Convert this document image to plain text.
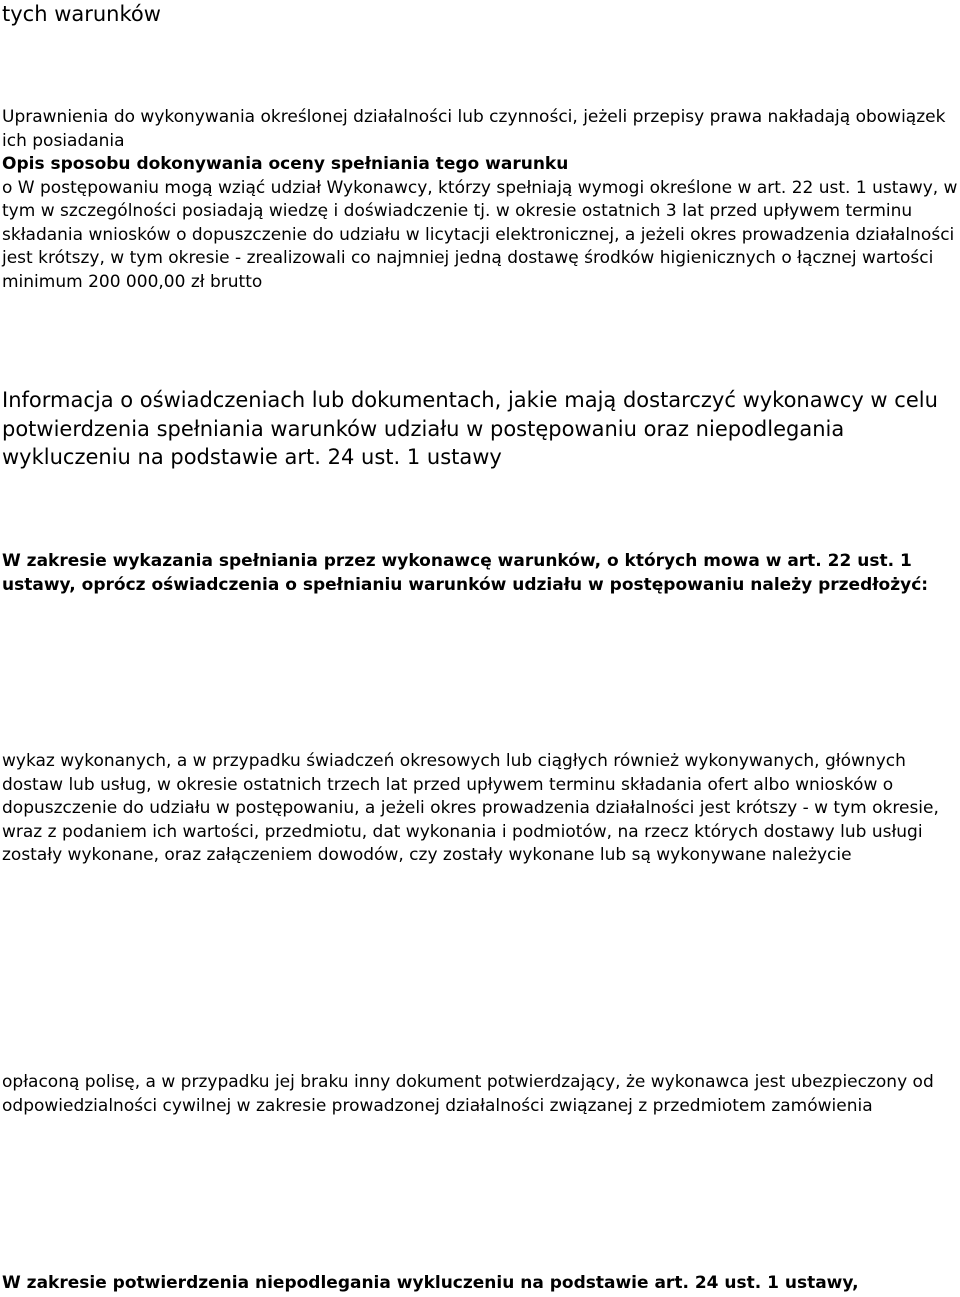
tych warunków
Uprawnienia do wykonywania określonej działalności lub czynności, jeżeli przepisy prawa nakładają obowiązek ich posiadania
Opis sposobu dokonywania oceny spełniania tego warunku
o W postępowaniu mogą wziąć udział Wykonawcy, którzy spełniają wymogi określone w art. 22 ust. 1 ustawy, w tym w szczególności posiadają wiedzę i doświadczenie tj. w okresie ostatnich 3 lat przed upływem terminu składania wniosków o dopuszczenie do udziału w licytacji elektronicznej, a jeżeli okres prowadzenia działalności jest krótszy, w tym okresie - zrealizowali co najmniej jedną dostawę środków higienicznych o łącznej wartości minimum 200 000,00 zł brutto
Informacja o oświadczeniach lub dokumentach, jakie mają dostarczyć wykonawcy w celu potwierdzenia spełniania warunków udziału w postępowaniu oraz niepodlegania wykluczeniu na podstawie art. 24 ust. 1 ustawy
W zakresie wykazania spełniania przez wykonawcę warunków, o których mowa w art. 22 ust. 1 ustawy, oprócz oświadczenia o spełnianiu warunków udziału w postępowaniu należy przedłożyć:
wykaz wykonanych, a w przypadku świadczeń okresowych lub ciągłych również wykonywanych, głównych dostaw lub usług, w okresie ostatnich trzech lat przed upływem terminu składania ofert albo wniosków o dopuszczenie do udziału w postępowaniu, a jeżeli okres prowadzenia działalności jest krótszy - w tym okresie, wraz z podaniem ich wartości, przedmiotu, dat wykonania i podmiotów, na rzecz których dostawy lub usługi zostały wykonane, oraz załączeniem dowodów, czy zostały wykonane lub są wykonywane należycie
opłaconą polisę, a w przypadku jej braku inny dokument potwierdzający, że wykonawca jest ubezpieczony od odpowiedzialności cywilnej w zakresie prowadzonej działalności związanej z przedmiotem zamówienia
W zakresie potwierdzenia niepodlegania wykluczeniu na podstawie art. 24 ust. 1 ustawy,
